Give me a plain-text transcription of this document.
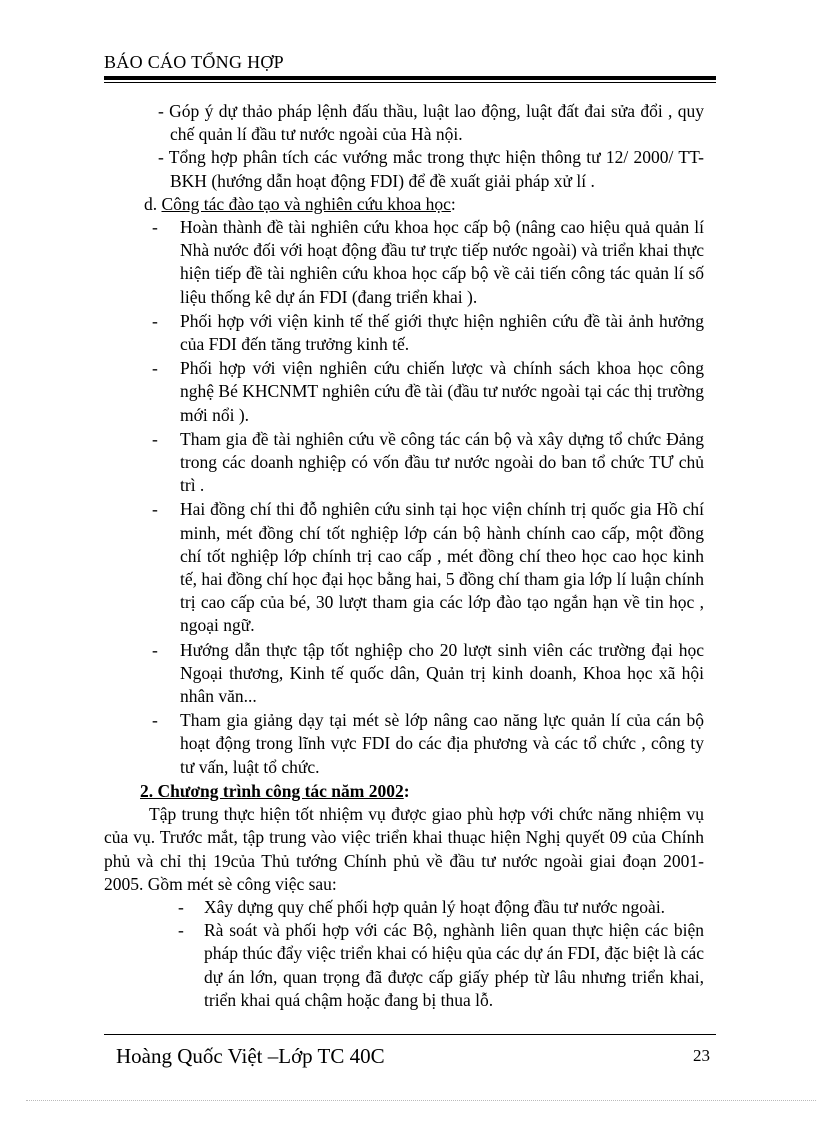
BÁO CÁO TỔNG HỢP
- Góp ý dự thảo pháp lệnh đấu thầu, luật lao động, luật đất đai sửa đổi , quy chế quản lí đầu tư nước ngoài của Hà nội.
- Tổng hợp phân tích các vướng mắc trong thực hiện thông tư 12/ 2000/ TT-BKH (hướng dẫn hoạt động FDI) để đề xuất giải pháp xử lí .
d. Công tác đào tạo và nghiên cứu khoa học:
- Hoàn thành đề tài nghiên cứu khoa học cấp bộ (nâng cao hiệu quả quản lí Nhà nước đối với hoạt động đầu tư trực tiếp nước ngoài) và triển khai thực hiện tiếp đề tài nghiên cứu khoa học cấp bộ về cải tiến công tác quản lí số liệu thống kê dự án FDI (đang triển khai ).
- Phối hợp với viện kinh tế thế giới thực hiện nghiên cứu đề tài ảnh hưởng của FDI đến tăng trưởng kinh tế.
- Phối hợp với viện nghiên cứu chiến lược và chính sách khoa học công nghệ Bé KHCNMT nghiên cứu đề tài (đầu tư nước ngoài tại các thị trường mới nổi ).
- Tham gia đề tài nghiên cứu về công tác cán bộ và xây dựng tổ chức Đảng trong các doanh nghiệp có vốn đầu tư nước ngoài do ban tổ chức TƯ chủ trì .
- Hai đồng chí thi đỗ nghiên cứu sinh tại học viện chính trị quốc gia Hồ chí minh, mét đồng chí tốt nghiệp lớp cán bộ hành chính cao cấp, một đồng chí tốt nghiệp lớp chính trị cao cấp , mét đồng chí theo học cao học kinh tế, hai đồng chí học đại học bằng hai, 5 đồng chí tham gia lớp lí luận chính trị cao cấp của bé, 30 lượt tham gia các lớp đào tạo ngắn hạn về tin học , ngoại ngữ.
- Hướng dẫn thực tập tốt nghiệp cho 20 lượt sinh viên các trường đại học Ngoại thương, Kinh tế quốc dân, Quản trị kinh doanh, Khoa học xã hội nhân văn...
- Tham gia giảng dạy tại mét sè lớp nâng cao năng lực quản lí của cán bộ hoạt động trong lĩnh vực FDI do các địa phương và các tổ chức , công ty tư vấn, luật tổ chức.
2. Chương trình công tác năm 2002:
Tập trung thực hiện tốt nhiệm vụ được giao phù hợp với chức năng nhiệm vụ của vụ. Trước mắt, tập trung vào việc triển khai thuạc hiện Nghị quyết 09 của Chính phủ và chỉ thị 19của Thủ tướng Chính phủ về đầu tư nước ngoài giai đoạn 2001-2005. Gồm mét sè công việc sau:
- Xây dựng quy chế phối hợp quản lý hoạt động đầu tư nước ngoài.
- Rà soát và phối hợp với các Bộ, nghành liên quan thực hiện các biện pháp thúc đẩy việc triển khai có hiệu qủa các dự án FDI, đặc biệt là các dự án lớn, quan trọng đã được cấp giấy phép từ lâu nhưng triển khai, triển khai quá chậm hoặc đang bị thua lỗ.
Hoàng Quốc Việt –Lớp TC 40C	23
